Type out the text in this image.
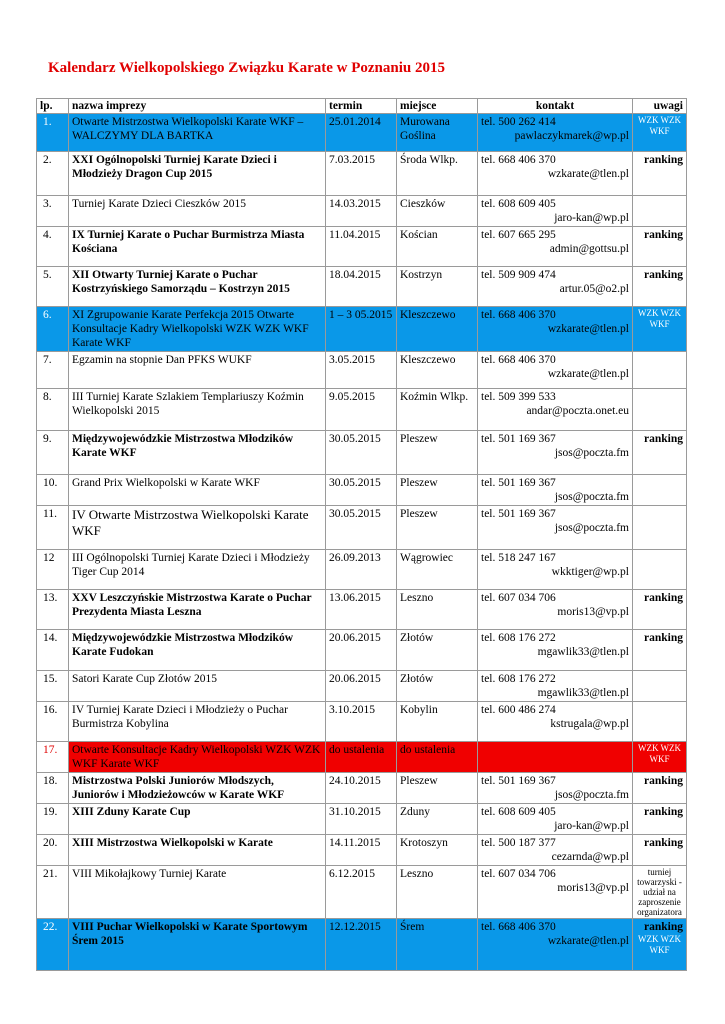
Kalendarz Wielkopolskiego Związku Karate w Poznaniu 2015
lp.	nazwa imprezy	termin	miejsce	kontakt	uwagi
1.	Otwarte Mistrzostwa Wielkopolski Karate WKF – WALCZYMY DLA BARTKA	25.01.2014	Murowana Goślina	tel. 500 262 414
pawlaczykmarek@wp.pl	WZK WZK WKF

2.	XXI Ogólnopolski Turniej Karate Dzieci i Młodzieży Dragon Cup 2015	7.03.2015	Środa Wlkp.	tel. 668 406 370
wzkarate@tlen.pl	ranking

3.	Turniej Karate Dzieci Cieszków 2015	14.03.2015	Cieszków	tel. 608 609 405
jaro-kan@wp.pl	

4.	IX Turniej Karate o Puchar Burmistrza Miasta Kościana	11.04.2015	Kościan	tel. 607 665 295
admin@gottsu.pl	ranking

5.	XII Otwarty Turniej Karate o Puchar Kostrzyńskiego Samorządu – Kostrzyn 2015	18.04.2015	Kostrzyn	tel. 509 909 474
artur.05@o2.pl	ranking

6.	XI Zgrupowanie Karate Perfekcja 2015 Otwarte Konsultacje Kadry Wielkopolski WZK WZK WKF Karate WKF	1 – 3 05.2015	Kleszczewo	tel. 668 406 370
wzkarate@tlen.pl	WZK WZK WKF

7.	Egzamin na stopnie Dan PFKS WUKF	3.05.2015	Kleszczewo	tel. 668 406 370
wzkarate@tlen.pl	

8.	III Turniej Karate Szlakiem Templariuszy Koźmin Wielkopolski 2015	9.05.2015	Koźmin Wlkp.	tel. 509 399 533
andar@poczta.onet.eu	

9.	Międzywojewódzkie Mistrzostwa Młodzików Karate WKF	30.05.2015	Pleszew	tel. 501 169 367
jsos@poczta.fm	ranking

10.	Grand Prix Wielkopolski w Karate WKF	30.05.2015	Pleszew	tel. 501 169 367
jsos@poczta.fm	

11.	IV Otwarte Mistrzostwa Wielkopolski Karate WKF	30.05.2015	Pleszew	tel. 501 169 367
jsos@poczta.fm	

12	III Ogólnopolski Turniej Karate Dzieci i Młodzieży Tiger Cup 2014	26.09.2013	Wągrowiec	tel. 518 247 167
wkktiger@wp.pl	

13.	XXV Leszczyńskie Mistrzostwa Karate o Puchar Prezydenta Miasta Leszna	13.06.2015	Leszno	tel. 607 034 706
moris13@vp.pl	ranking

14.	Międzywojewódzkie Mistrzostwa Młodzików Karate Fudokan	20.06.2015	Złotów	tel. 608 176 272
mgawlik33@tlen.pl	ranking

15.	Satori Karate Cup Złotów 2015	20.06.2015	Złotów	tel. 608 176 272
mgawlik33@tlen.pl	

16.	IV Turniej Karate Dzieci i Młodzieży o Puchar Burmistrza Kobylina	3.10.2015	Kobylin	tel. 600 486 274
kstrugala@wp.pl	

17.	Otwarte Konsultacje Kadry Wielkopolski WZK WZK WKF Karate WKF	do ustalenia	do ustalenia		WZK WZK WKF

18.	Mistrzostwa Polski Juniorów Młodszych, Juniorów i Młodzieżowców w Karate WKF	24.10.2015	Pleszew	tel. 501 169 367
jsos@poczta.fm	ranking

19.	XIII Zduny Karate Cup	31.10.2015	Zduny	tel. 608 609 405
jaro-kan@wp.pl	ranking

20.	XIII Mistrzostwa Wielkopolski w Karate	14.11.2015	Krotoszyn	tel. 500 187 377
cezarnda@wp.pl	ranking

21.	VIII Mikołajkowy Turniej Karate	6.12.2015	Leszno	tel. 607 034 706
moris13@vp.pl	turniej towarzyski - udział na zaproszenie organizatora

22.	VIII Puchar Wielkopolski w Karate Sportowym Śrem 2015	12.12.2015	Śrem	tel. 668 406 370
wzkarate@tlen.pl	ranking
WZK WZK WKF
